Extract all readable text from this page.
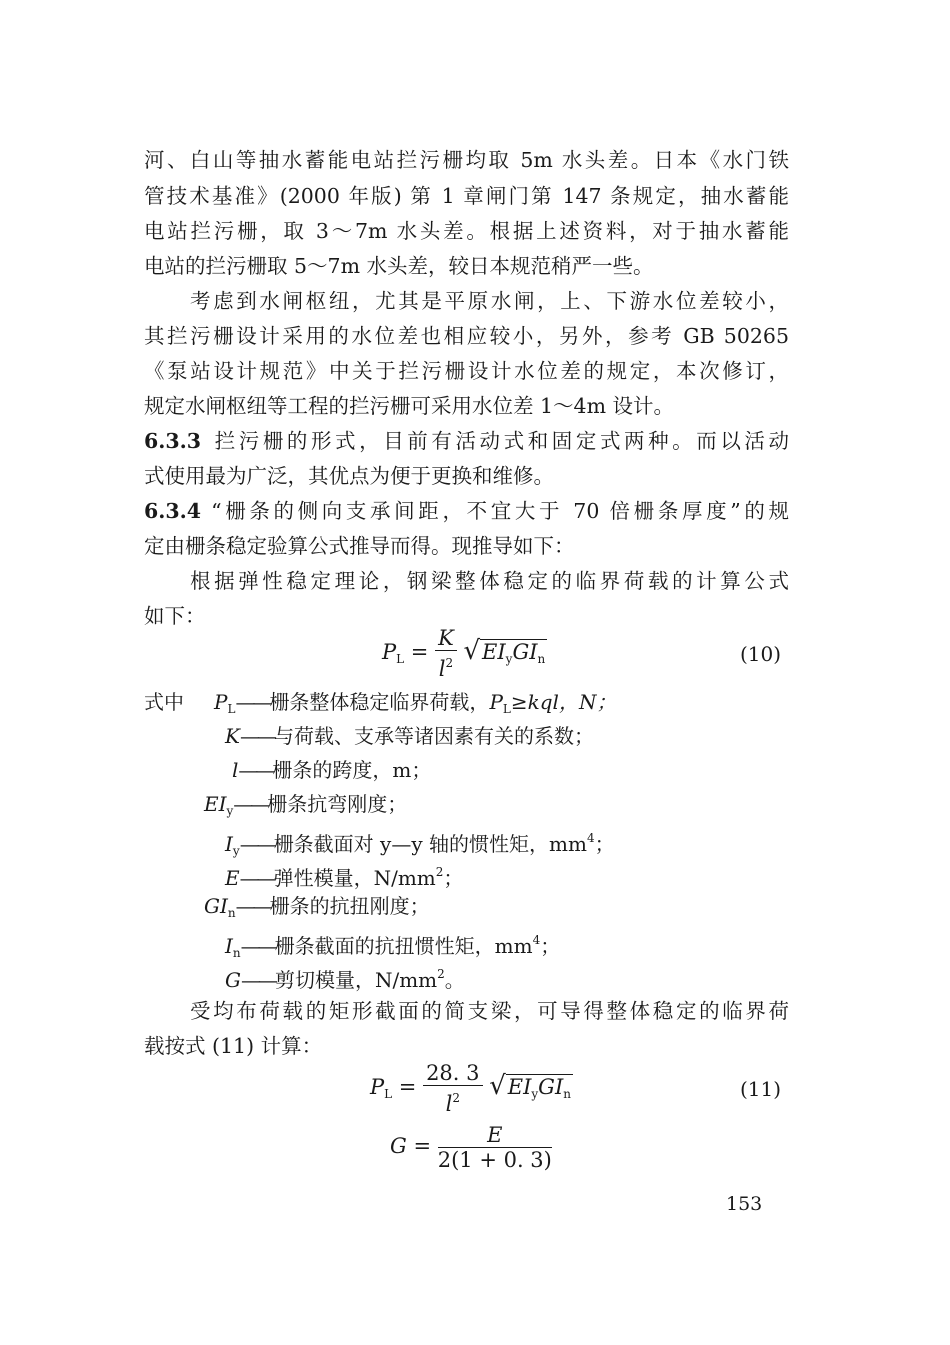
河、白山等抽水蓄能电站拦污栅均取 5m 水头差。日本《水门铁
管技术基准》(2000 年版) 第 1 章闸门第 147 条规定，抽水蓄能
电站拦污栅，取 3～7m 水头差。根据上述资料，对于抽水蓄能
电站的拦污栅取 5～7m 水头差，较日本规范稍严一些。
考虑到水闸枢纽，尤其是平原水闸，上、下游水位差较小，
其拦污栅设计采用的水位差也相应较小，另外，参考 GB 50265
《泵站设计规范》中关于拦污栅设计水位差的规定，本次修订，
规定水闸枢纽等工程的拦污栅可采用水位差 1～4m 设计。
6.3.3 拦污栅的形式，目前有活动式和固定式两种。而以活动
式使用最为广泛，其优点为便于更换和维修。
6.3.4 “栅条的侧向支承间距，不宜大于 70 倍栅条厚度”的规
定由栅条稳定验算公式推导而得。现推导如下：
根据弹性稳定理论，钢梁整体稳定的临界荷载的计算公式
如下：
$P_L = \frac{K}{l^2} √EI_yGI_n$	(10)
式中 $P_L——$栅条整体稳定临界荷载，$P_L\ge kql$，N；
K——与荷载、支承等诸因素有关的系数；
l——栅条的跨度，m；
$EI_y——$栅条抗弯刚度；
$I_y——$栅条截面对 y—y 轴的惯性矩，$mm^4$；
E——弹性模量，$N/mm^2$；
$GI_n——$栅条的抗扭刚度；
$I_n——$栅条截面的抗扭惯性矩，$mm^4$；
G——剪切模量，$N/mm^2$。
受均布荷载的矩形截面的简支梁，可导得整体稳定的临界荷
载按式 (11) 计算：
$P_L = \frac{28. 3}{l^2} √EI_yGI_n$	(11)
$G = \frac{E}{2(1 + 0. 3)}$
153
